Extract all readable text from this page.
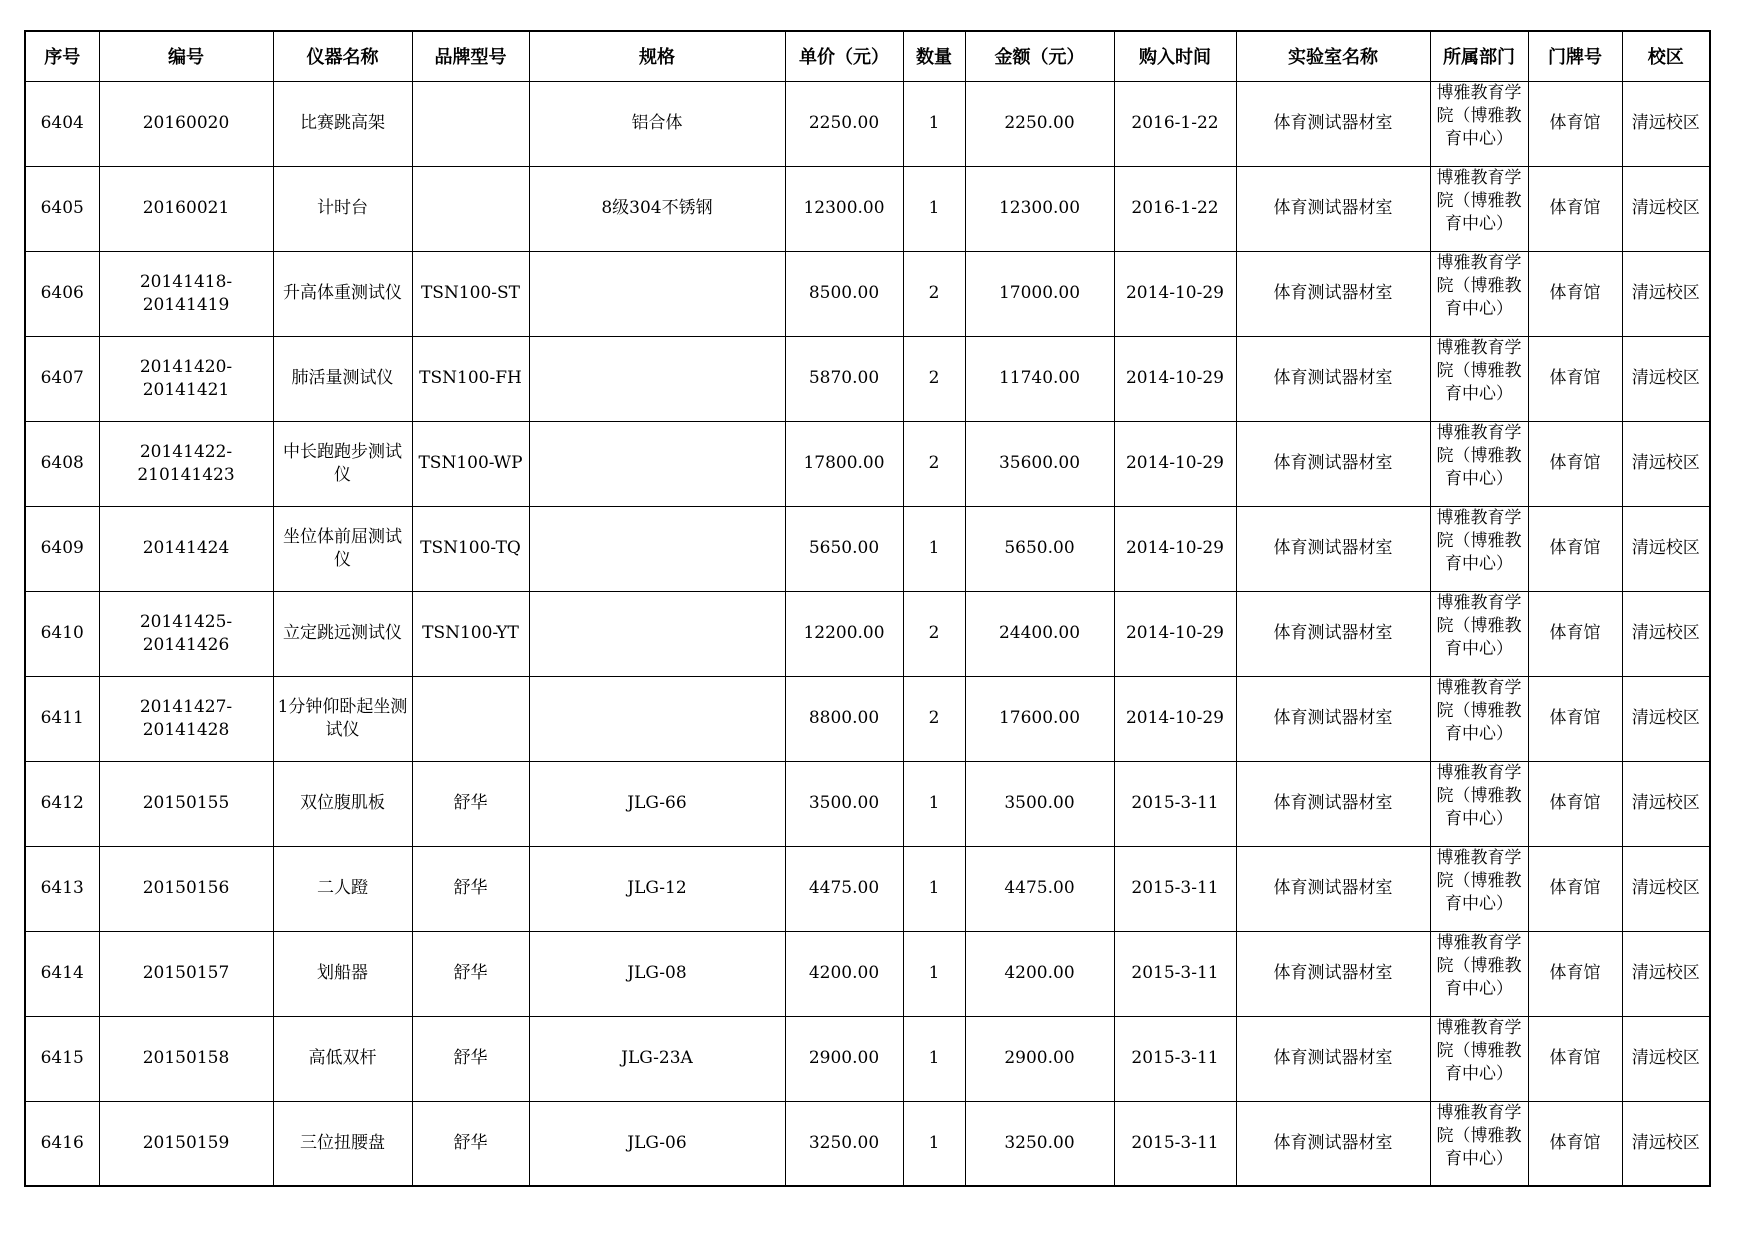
序号	编号	仪器名称	品牌型号	规格	单价（元）	数量	金额（元）	购入时间	实验室名称	所属部门	门牌号	校区
6404	20160020	比赛跳高架		铝合体	2250.00	1	2250.00	2016-1-22	体育测试器材室	博雅教育学院（博雅教育中心）	体育馆	清远校区
6405	20160021	计时台		8级304不锈钢	12300.00	1	12300.00	2016-1-22	体育测试器材室	博雅教育学院（博雅教育中心）	体育馆	清远校区
6406	20141418-20141419	升高体重测试仪	TSN100-ST		8500.00	2	17000.00	2014-10-29	体育测试器材室	博雅教育学院（博雅教育中心）	体育馆	清远校区
6407	20141420-20141421	肺活量测试仪	TSN100-FH		5870.00	2	11740.00	2014-10-29	体育测试器材室	博雅教育学院（博雅教育中心）	体育馆	清远校区
6408	20141422-210141423	中长跑跑步测试仪	TSN100-WP		17800.00	2	35600.00	2014-10-29	体育测试器材室	博雅教育学院（博雅教育中心）	体育馆	清远校区
6409	20141424	坐位体前屈测试仪	TSN100-TQ		5650.00	1	5650.00	2014-10-29	体育测试器材室	博雅教育学院（博雅教育中心）	体育馆	清远校区
6410	20141425-20141426	立定跳远测试仪	TSN100-YT		12200.00	2	24400.00	2014-10-29	体育测试器材室	博雅教育学院（博雅教育中心）	体育馆	清远校区
6411	20141427-20141428	1分钟仰卧起坐测试仪			8800.00	2	17600.00	2014-10-29	体育测试器材室	博雅教育学院（博雅教育中心）	体育馆	清远校区
6412	20150155	双位腹肌板	舒华	JLG-66	3500.00	1	3500.00	2015-3-11	体育测试器材室	博雅教育学院（博雅教育中心）	体育馆	清远校区
6413	20150156	二人蹬	舒华	JLG-12	4475.00	1	4475.00	2015-3-11	体育测试器材室	博雅教育学院（博雅教育中心）	体育馆	清远校区
6414	20150157	划船器	舒华	JLG-08	4200.00	1	4200.00	2015-3-11	体育测试器材室	博雅教育学院（博雅教育中心）	体育馆	清远校区
6415	20150158	高低双杆	舒华	JLG-23A	2900.00	1	2900.00	2015-3-11	体育测试器材室	博雅教育学院（博雅教育中心）	体育馆	清远校区
6416	20150159	三位扭腰盘	舒华	JLG-06	3250.00	1	3250.00	2015-3-11	体育测试器材室	博雅教育学院（博雅教育中心）	体育馆	清远校区
